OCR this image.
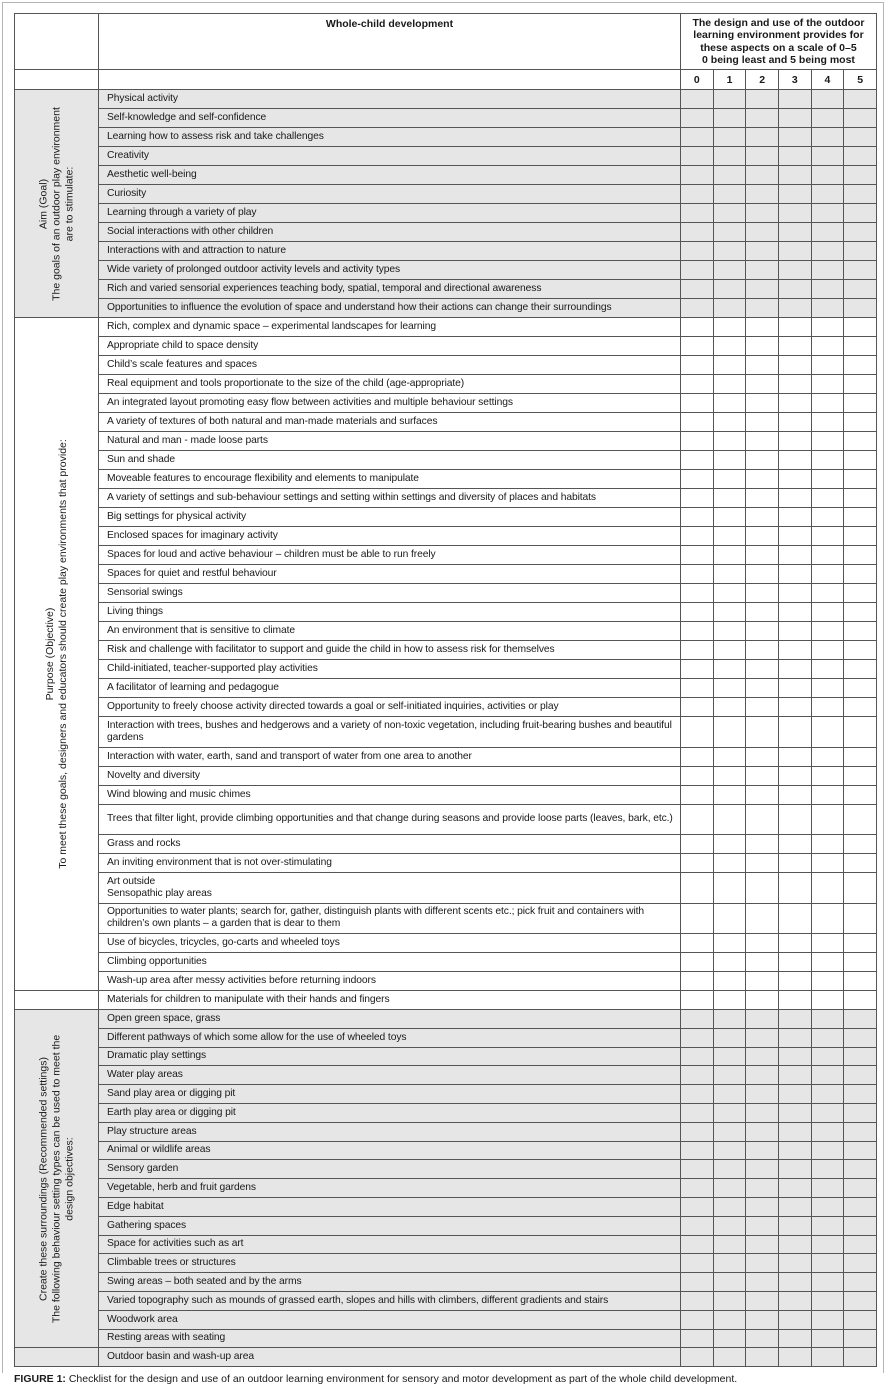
	Whole-child development	The design and use of the outdoor
learning environment provides for
these aspects on a scale of 0–5
0 being least and 5 being most					

		0	1	2	3	4	5

Aim (Goal) The goals of an outdoor play environment are to stimulate:	Physical activity						
	Self-knowledge and self-confidence						
	Learning how to assess risk and take challenges						
	Creativity						
	Aesthetic well-being						
	Curiosity						
	Learning through a variety of play						
	Social interactions with other children						
	Interactions with and attraction to nature						
	Wide variety of prolonged outdoor activity levels and activity types						
	Rich and varied sensorial experiences teaching body, spatial, temporal and directional awareness						
	Opportunities to influence the evolution of space and understand how their actions can change their surroundings						

Purpose (Objective) To meet these goals, designers and educators should create play environments that provide:	Rich, complex and dynamic space – experimental landscapes for learning						
	Appropriate child to space density						
	Child’s scale features and spaces						
	Real equipment and tools proportionate to the size of the child (age-appropriate)						
	An integrated layout promoting easy flow between activities and multiple behaviour settings						
	A variety of textures of both natural and man-made materials and surfaces						
	Natural and man - made loose parts						
	Sun and shade						
	Moveable features to encourage flexibility and elements to manipulate						
	A variety of settings and sub-behaviour settings and setting within settings and diversity of places and habitats						
	Big settings for physical activity						
	Enclosed spaces for imaginary activity						
	Spaces for loud and active behaviour – children must be able to run freely						
	Spaces for quiet and restful behaviour						
	Sensorial swings						
	Living things						
	An environment that is sensitive to climate						
	Risk and challenge with facilitator to support and guide the child in how to assess risk for themselves						
	Child-initiated, teacher-supported play activities						
	A facilitator of learning and pedagogue						
	Opportunity to freely choose activity directed towards a goal or self-initiated inquiries, activities or play						
	Interaction with trees, bushes and hedgerows and a variety of non-toxic vegetation, including fruit-bearing bushes and beautiful gardens						
	Interaction with water, earth, sand and transport of water from one area to another						
	Novelty and diversity						
	Wind blowing and music chimes						
	Trees that filter light, provide climbing opportunities and that change during seasons and provide loose parts (leaves, bark, etc.)						
	Grass and rocks						
	An inviting environment that is not over-stimulating						
	Art outside
Sensopathic play areas						
	Opportunities to water plants; search for, gather, distinguish plants with different scents etc.; pick fruit and containers with children’s own plants – a garden that is dear to them						
	Use of bicycles, tricycles, go-carts and wheeled toys						
	Climbing opportunities						
	Wash-up area after messy activities before returning indoors						
	Materials for children to manipulate with their hands and fingers						

Create these surroundings (Recommended settings) The following behaviour setting types can be used to meet the design objectives:	Open green space, grass						
	Different pathways of which some allow for the use of wheeled toys						
	Dramatic play settings						
	Water play areas						
	Sand play area or digging pit						
	Earth play area or digging pit						
	Play structure areas						
	Animal or wildlife areas						
	Sensory garden						
	Vegetable, herb and fruit gardens						
	Edge habitat						
	Gathering spaces						
	Space for activities such as art						
	Climbable trees or structures						
	Swing areas – both seated and by the arms						
	Varied topography such as mounds of grassed earth, slopes and hills with climbers, different gradients and stairs						
	Woodwork area						
	Resting areas with seating						
	Outdoor basin and wash-up area						
FIGURE 1: Checklist for the design and use of an outdoor learning environment for sensory and motor development as part of the whole child development.
